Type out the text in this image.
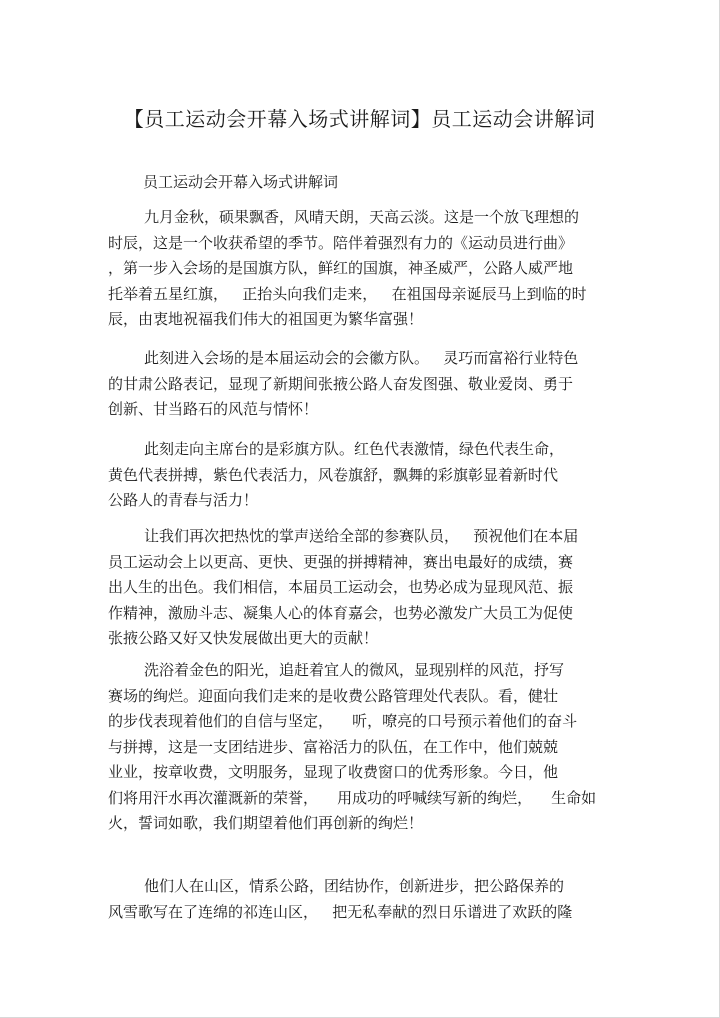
【员工运动会开幕入场式讲解词】员工运动会讲解词
员工运动会开幕入场式讲解词
九月金秋，硕果飘香，风晴天朗，天高云淡。这是一个放飞理想的
时辰，这是一个收获希望的季节。陪伴着强烈有力的《运动员进行曲》
，第一步入会场的是国旗方队，鲜红的国旗，神圣威严，公路人威严地
托举着五星红旗，   正抬头向我们走来，   在祖国母亲诞辰马上到临的时
辰，由衷地祝福我们伟大的祖国更为繁华富强！
此刻进入会场的是本届运动会的会徽方队。   灵巧而富裕行业特色
的甘肃公路表记，显现了新期间张掖公路人奋发图强、敬业爱岗、勇于
创新、甘当路石的风范与情怀！
此刻走向主席台的是彩旗方队。红色代表激情，绿色代表生命，
黄色代表拼搏，紫色代表活力，风卷旗舒，飘舞的彩旗彰显着新时代
公路人的青春与活力！
让我们再次把热忱的掌声送给全部的参赛队员，   预祝他们在本届
员工运动会上以更高、更快、更强的拼搏精神，赛出电最好的成绩，赛
出人生的出色。我们相信，本届员工运动会，也势必成为显现风范、振
作精神，激励斗志、凝集人心的体育嘉会，也势必激发广大员工为促使
张掖公路又好又快发展做出更大的贡献！
洗浴着金色的阳光，追赶着宜人的微风，显现别样的风范，抒写
赛场的绚烂。迎面向我们走来的是收费公路管理处代表队。看，健壮
的步伐表现着他们的自信与坚定，    听，嘹亮的口号预示着他们的奋斗
与拼搏，这是一支团结进步、富裕活力的队伍，在工作中，他们兢兢
业业，按章收费，文明服务，显现了收费窗口的优秀形象。今日，他
们将用汗水再次灌溉新的荣誉，    用成功的呼喊续写新的绚烂，    生命如
火，誓词如歌，我们期望着他们再创新的绚烂！
他们人在山区，情系公路，团结协作，创新进步，把公路保养的
风雪歌写在了连绵的祁连山区，   把无私奉献的烈日乐谱进了欢跃的隆
